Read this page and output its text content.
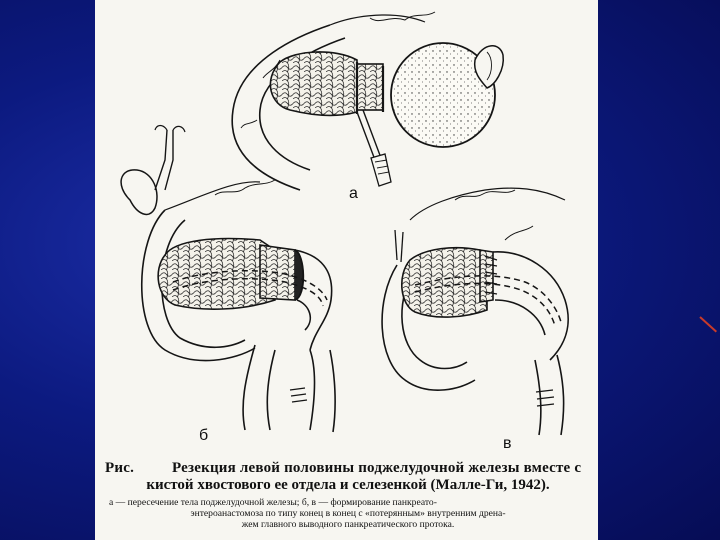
а
б	в
Рис.	Резекция левой половины поджелудочной железы вместе с
кистой хвостового ее отдела и селезенкой (Малле-Ги, 1942).
а — пересечение тела поджелудочной железы; б, в — формирование панкреато-
энтероанастомоза по типу конец в конец с «потерянным» внутренним дрена-
жем главного выводного панкреатического протока.
